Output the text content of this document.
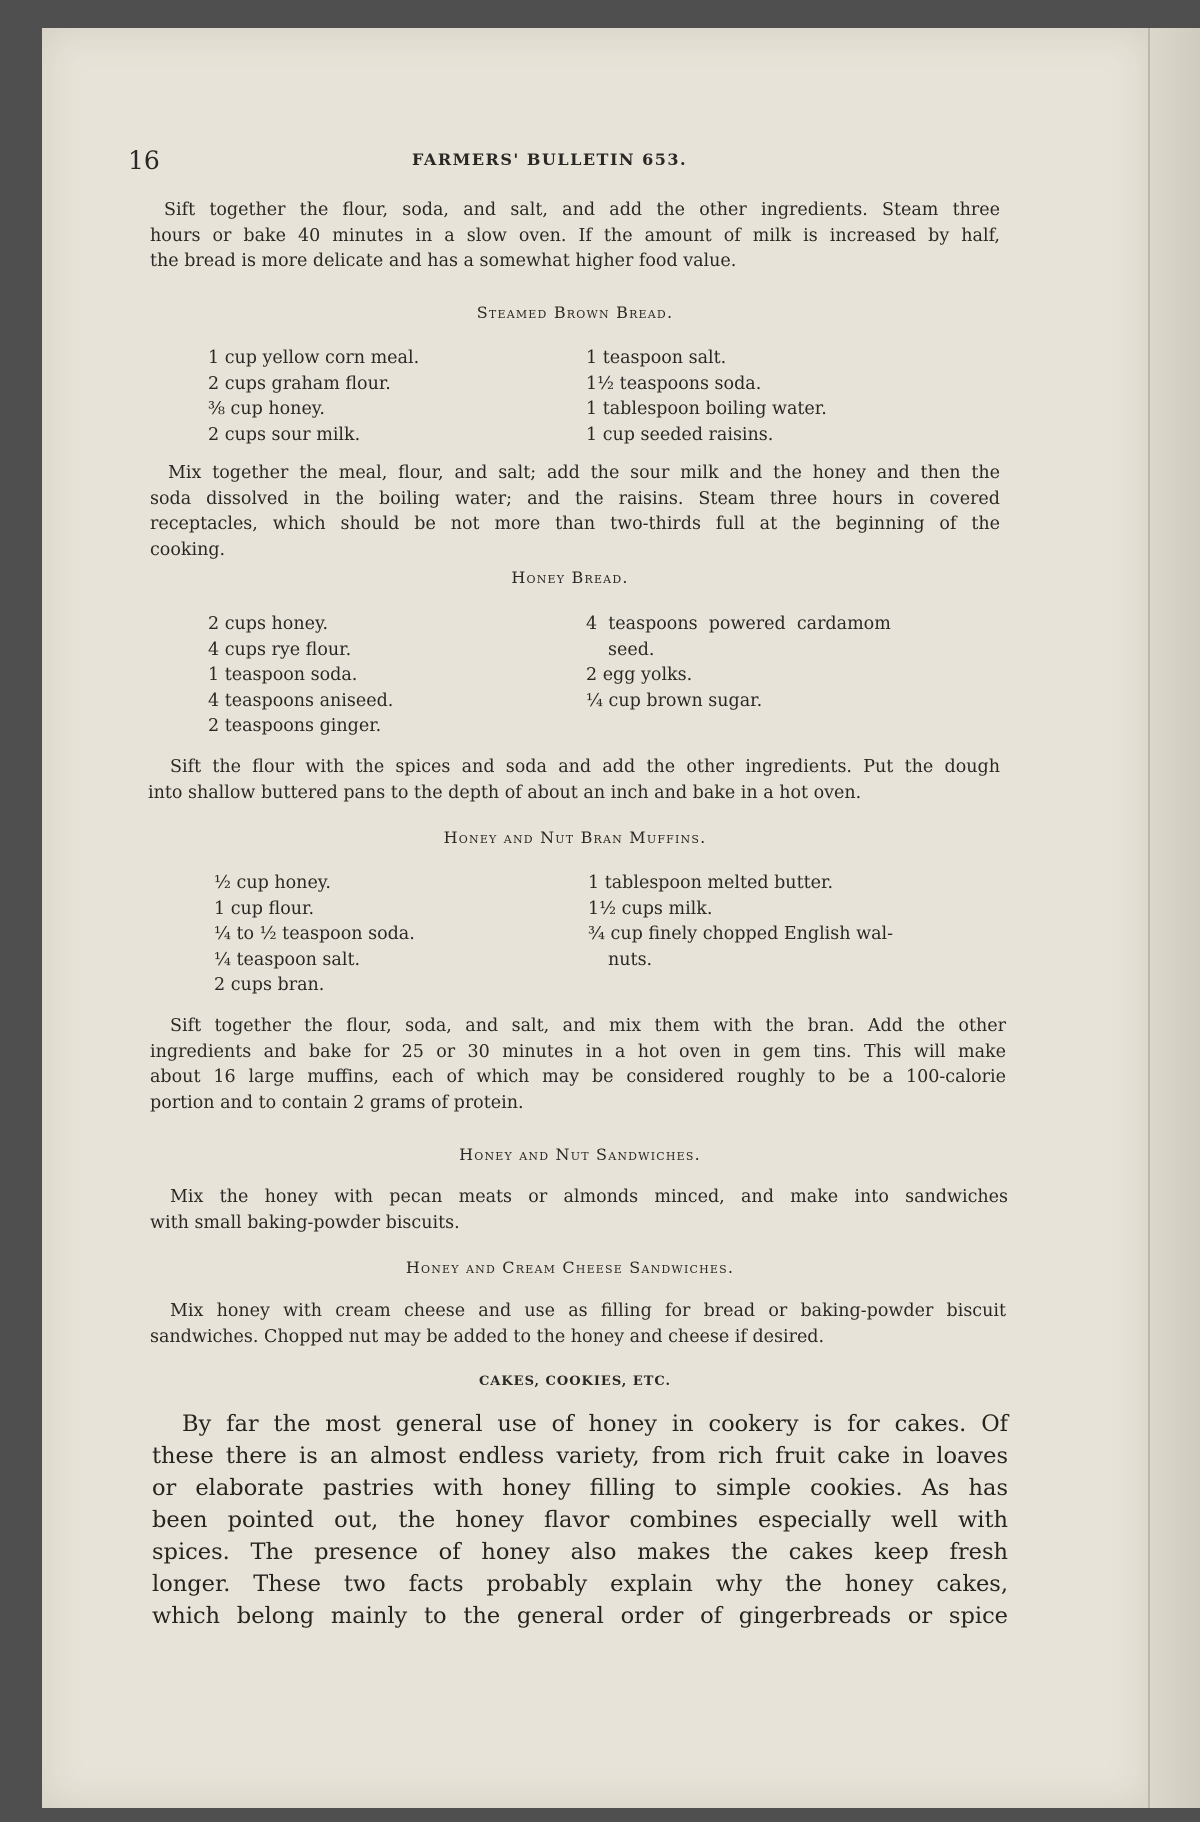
16	FARMERS' BULLETIN 653.
Sift together the flour, soda, and salt, and add the other ingredients. Steam three
hours or bake 40 minutes in a slow oven. If the amount of milk is increased by half,
the bread is more delicate and has a somewhat higher food value.
Steamed Brown Bread.
1 cup yellow corn meal.
2 cups graham flour.
⅜ cup honey.
2 cups sour milk.
1 teaspoon salt.
1½ teaspoons soda.
1 tablespoon boiling water.
1 cup seeded raisins.
Mix together the meal, flour, and salt; add the sour milk and the honey and then the
soda dissolved in the boiling water; and the raisins. Steam three hours in covered
receptacles, which should be not more than two-thirds full at the beginning of the
cooking.
Honey Bread.
2 cups honey.
4 cups rye flour.
1 teaspoon soda.
4 teaspoons aniseed.
2 teaspoons ginger.
4  teaspoons  powered  cardamom
seed.
2 egg yolks.
¼ cup brown sugar.
Sift the flour with the spices and soda and add the other ingredients. Put the dough
into shallow buttered pans to the depth of about an inch and bake in a hot oven.
Honey and Nut Bran Muffins.
½ cup honey.
1 cup flour.
¼ to ½ teaspoon soda.
¼ teaspoon salt.
2 cups bran.
1 tablespoon melted butter.
1½ cups milk.
¾ cup finely chopped English wal-
nuts.
Sift together the flour, soda, and salt, and mix them with the bran. Add the other
ingredients and bake for 25 or 30 minutes in a hot oven in gem tins. This will make
about 16 large muffins, each of which may be considered roughly to be a 100-calorie
portion and to contain 2 grams of protein.
Honey and Nut Sandwiches.
Mix the honey with pecan meats or almonds minced, and make into sandwiches
with small baking-powder biscuits.
Honey and Cream Cheese Sandwiches.
Mix honey with cream cheese and use as filling for bread or baking-powder biscuit
sandwiches. Chopped nut may be added to the honey and cheese if desired.
CAKES, COOKIES, ETC.
By far the most general use of honey in cookery is for cakes. Of
these there is an almost endless variety, from rich fruit cake in loaves
or elaborate pastries with honey filling to simple cookies. As has
been pointed out, the honey flavor combines especially well with
spices. The presence of honey also makes the cakes keep fresh
longer. These two facts probably explain why the honey cakes,
which belong mainly to the general order of gingerbreads or spice
